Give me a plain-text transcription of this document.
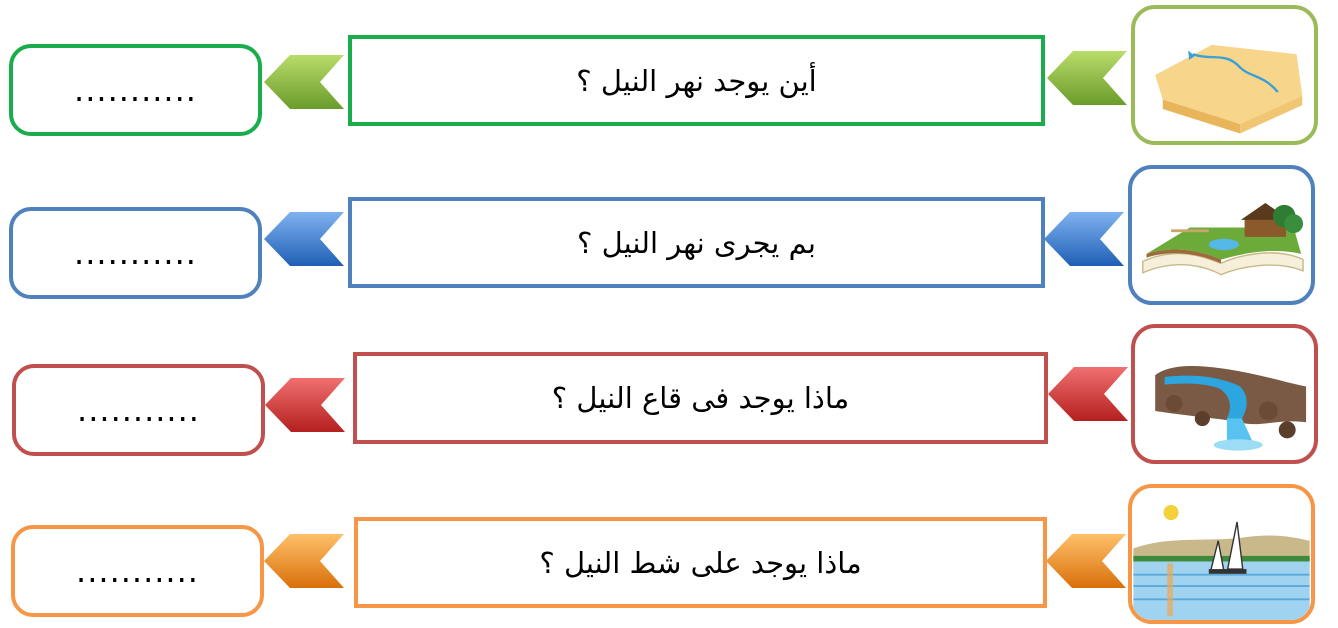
أين يوجد نهر النيل ؟
...........
بم يجرى نهر النيل ؟
...........
ماذا يوجد فى قاع النيل ؟
...........
ماذا يوجد على شط النيل ؟
...........
